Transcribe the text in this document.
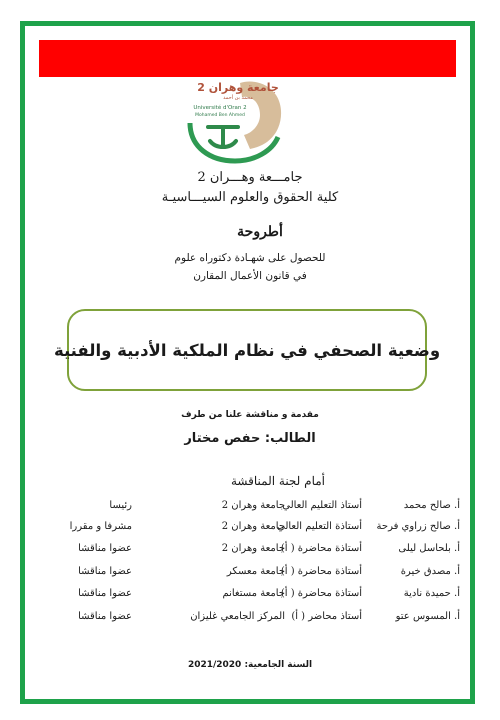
جامعة وهران 2
محمد بن أحمد
Université d'Oran 2
Mohamed Ben Ahmed
جامـــعة وهـــران 2
كلية الحقوق والعلوم السيـــاسيـة
أطروحة
للحصول على شهـادة دكتوراه علوم
في قانون الأعمال المقارن
وضعية الصحفي في نظام الملكية الأدبية والفنية
مقدمة و مناقشة علنا من طرف
الطالب: حفص مختار
أمام لجنة المناقشة
أ. صالح محمد
أستاذ التعليم العالي
جامعة وهران 2
رئيسا
أ. صالح زراوي فرحة
أستاذة التعليم العالي
جامعة وهران 2
مشرفا و مقررا
أ. بلحاسل ليلى
أستاذة محاضرة ( أ)
جامعة وهران 2
عضوا مناقشا
أ. مصدق خيرة
أستاذة محاضرة ( أ)
جامعة معسكر
عضوا مناقشا
أ. حميدة نادية
أستاذة محاضرة ( أ)
جامعة مستغانم
عضوا مناقشا
أ. المسوس عتو
أستاذ محاضر ( أ)
المركز الجامعي غليزان
عضوا مناقشا
السنة الجامعية: 2021/2020
